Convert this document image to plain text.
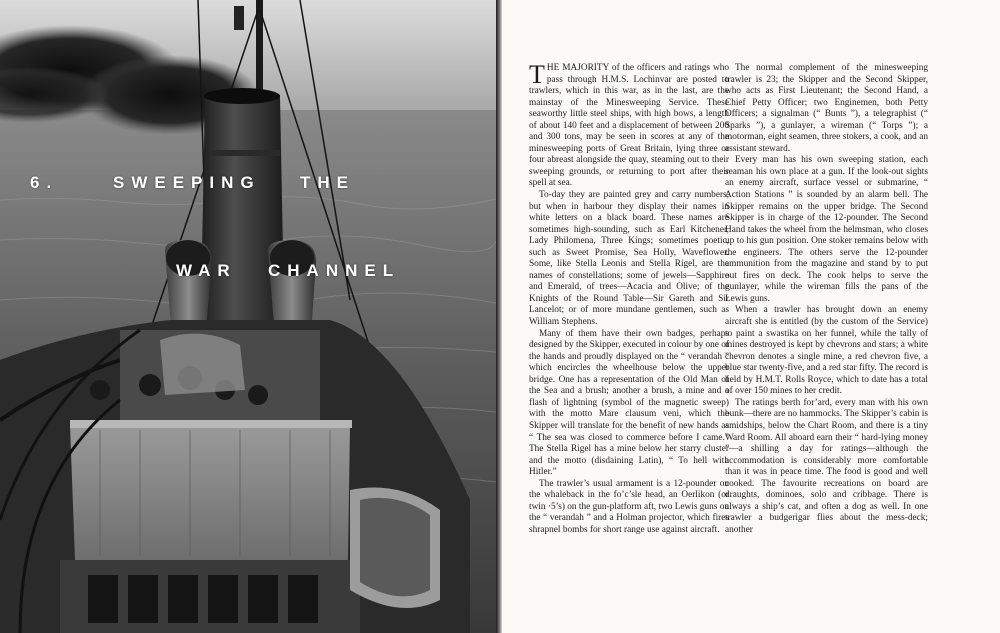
6.	SWEEPING THE
WAR CHANNEL

THE MAJORITY of the officers and ratings who pass through H.M.S. Lochinvar are posted to trawlers, which in this war, as in the last, are the mainstay of the Minesweeping Service. These seaworthy little steel ships, with high bows, a length of about 140 feet and a displacement of between 200 and 300 tons, may be seen in scores at any of the minesweeping ports of Great Britain, lying three or four abreast alongside the quay, steaming out to their sweeping grounds, or returning to port after their spell at sea.

To-day they are painted grey and carry numbers, but when in harbour they display their names in white letters on a black board. These names are sometimes high-sounding, such as Earl Kitchener, Lady Philomena, Three Kings; sometimes poetic, such as Sweet Promise, Sea Holly, Waveflower. Some, like Stella Leonis and Stella Rigel, are the names of constellations; some of jewels—Sapphire and Emerald, of trees—Acacia and Olive; of the Knights of the Round Table—Sir Gareth and Sir Lancelot; or of more mundane gentlemen, such as William Stephens.

Many of them have their own badges, perhaps designed by the Skipper, executed in colour by one of the hands and proudly displayed on the “ verandah ” which encircles the wheelhouse below the upper bridge. One has a representation of the Old Man of the Sea and a brush; another a brush, a mine and a flash of lightning (symbol of the magnetic sweep) with the motto Mare clausum veni, which the Skipper will translate for the benefit of new hands as “ The sea was closed to commerce before I came.” The Stella Rigel has a mine below her starry cluster and the motto (disdaining Latin), “ To hell with Hitler.”

The trawler’s usual armament is a 12-pounder on the whaleback in the fo’c’sle head, an Oerlikon (or twin ·5’s) on the gun-platform aft, two Lewis guns on the “ verandah ” and a Holman projector, which fires shrapnel bombs for short range use against aircraft.

The normal complement of the minesweeping trawler is 23; the Skipper and the Second Skipper, who acts as First Lieutenant; the Second Hand, a Chief Petty Officer; two Enginemen, both Petty Officers; a signalman (“ Bunts ”), a telegraphist (“ Sparks ”), a gunlayer, a wireman (“ Torps ”); a motorman, eight seamen, three stokers, a cook, and an assistant steward.

Every man has his own sweeping station, each seaman his own place at a gun. If the look-out sights an enemy aircraft, surface vessel or submarine, “ Action Stations ” is sounded by an alarm bell. The Skipper remains on the upper bridge. The Second Skipper is in charge of the 12-pounder. The Second Hand takes the wheel from the helmsman, who closes up to his gun position. One stoker remains below with the engineers. The others serve the 12-pounder ammunition from the magazine and stand by to put out fires on deck. The cook helps to serve the gunlayer, while the wireman fills the pans of the Lewis guns.

When a trawler has brought down an enemy aircraft she is entitled (by the custom of the Service) to paint a swastika on her funnel, while the tally of mines destroyed is kept by chevrons and stars; a white chevron denotes a single mine, a red chevron five, a blue star twenty-five, and a red star fifty. The record is held by H.M.T. Rolls Royce, which to date has a total of over 150 mines to her credit.

The ratings berth for’ard, every man with his own bunk—there are no hammocks. The Skipper’s cabin is amidships, below the Chart Room, and there is a tiny Ward Room. All aboard earn their “ hard-lying money ”—a shilling a day for ratings—although the accommodation is considerably more comfortable than it was in peace time. The food is good and well cooked. The favourite recreations on board are draughts, dominoes, solo and cribbage. There is always a ship’s cat, and often a dog as well. In one trawler a budgerigar flies about the mess-deck; another
